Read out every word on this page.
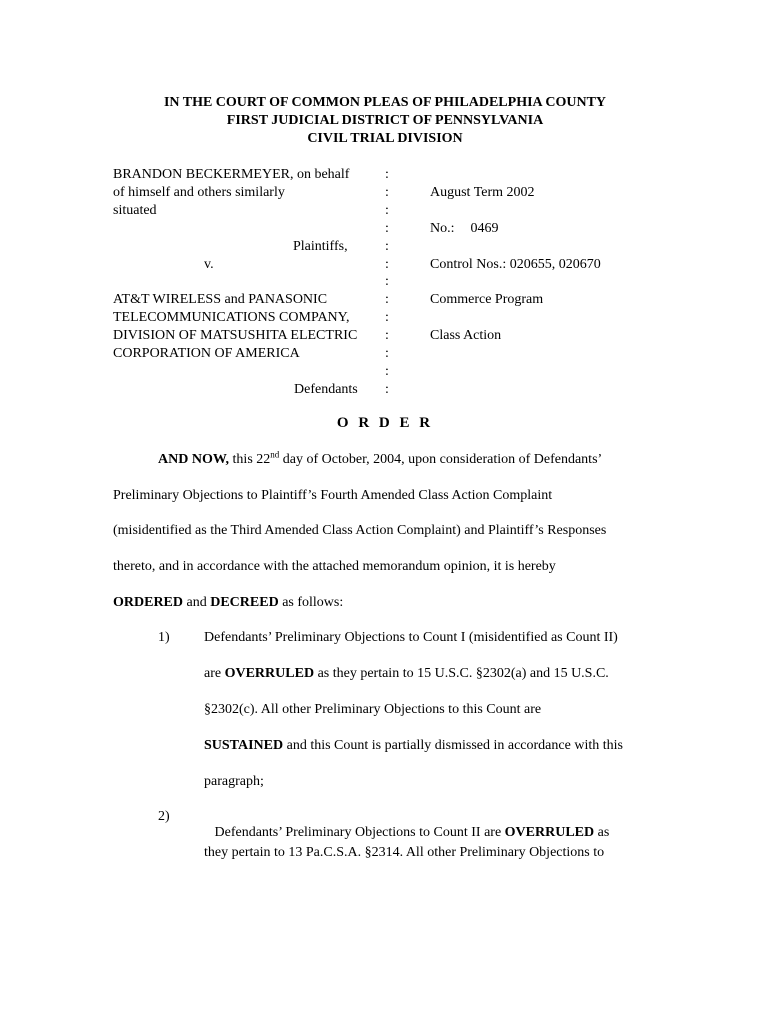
IN THE COURT OF COMMON PLEAS OF PHILADELPHIA COUNTY
FIRST JUDICIAL DISTRICT OF PENNSYLVANIA
CIVIL TRIAL DIVISION
BRANDON BECKERMEYER, on behalf
of himself and others similarly
situated
Plaintiffs,
v.
AT&T WIRELESS and PANASONIC
TELECOMMUNICATIONS COMPANY,
DIVISION OF MATSUSHITA ELECTRIC
CORPORATION OF AMERICA
Defendants
:
:
:
:
:
:
:
:
:
:
:
:
:
August Term 2002
No.: 0469
Control Nos.: 020655, 020670
Commerce Program
Class Action
O R D E R
AND NOW, this 22nd day of October, 2004, upon consideration of Defendants’
Preliminary Objections to Plaintiff’s Fourth Amended Class Action Complaint
(misidentified as the Third Amended Class Action Complaint) and Plaintiff’s Responses
thereto, and in accordance with the attached memorandum opinion, it is hereby
ORDERED and DECREED as follows:
1) Defendants’ Preliminary Objections to Count I (misidentified as Count II)
are OVERRULED as they pertain to 15 U.S.C. §2302(a) and 15 U.S.C.
§2302(c). All other Preliminary Objections to this Count are
SUSTAINED and this Count is partially dismissed in accordance with this
paragraph;
2)

Defendants’ Preliminary Objections to Count II are OVERRULED as

they pertain to 13 Pa.C.S.A. §2314. All other Preliminary Objections to
